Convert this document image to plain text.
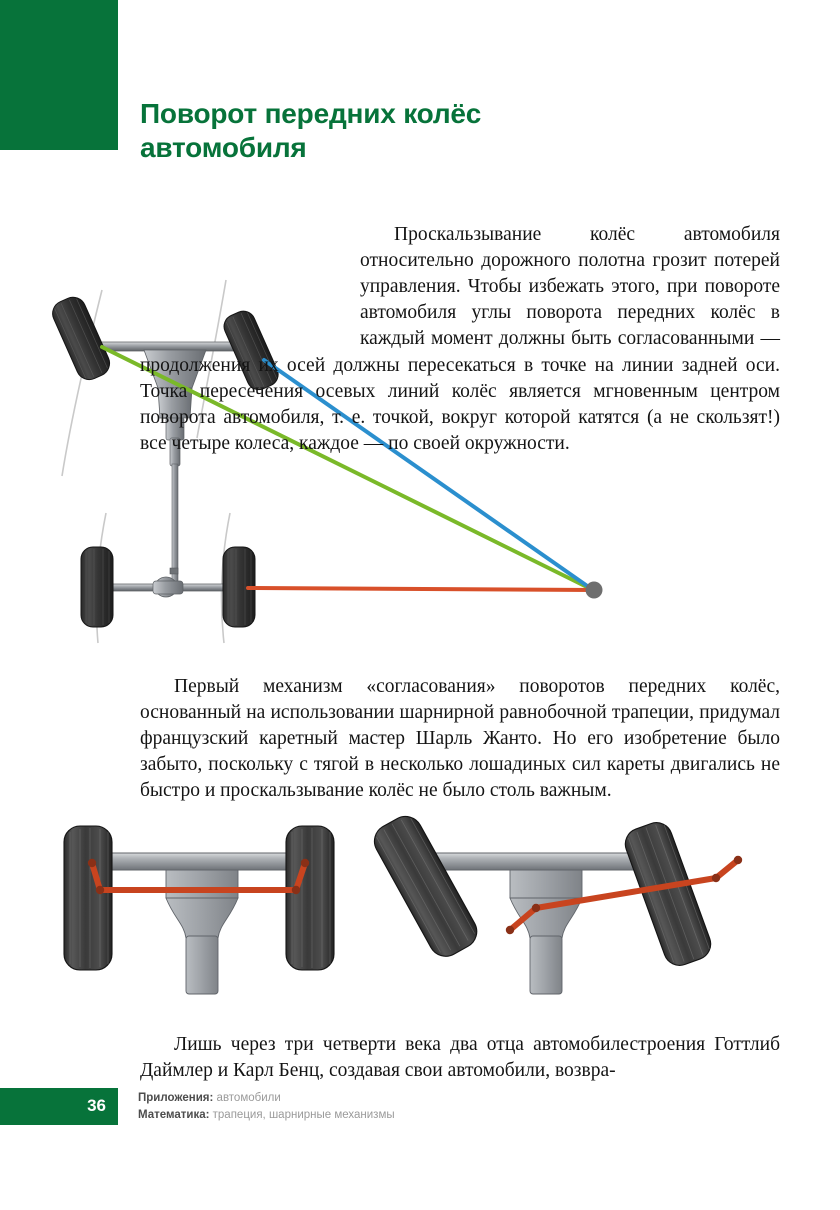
Поворот передних колёс
автомобиля

Проскальзывание колёс автомобиля относительно дорожного полотна грозит потерей управления. Чтобы избежать этого, при повороте автомобиля углы поворота передних колёс в каждый момент должны быть согласованными — продолжения их осей должны пересекаться в точке на линии задней оси. Точка пересечения осевых линий колёс является мгновенным центром поворота автомобиля, т. е. точкой, вокруг которой катятся (а не скользят!) все четыре колеса, каждое — по своей окружности.

Первый механизм «согласования» поворотов передних колёс, основанный на использовании шарнирной равнобочной трапеции, придумал французский каретный мастер Шарль Жанто. Но его изобретение было забыто, поскольку с тягой в несколько лошадиных сил кареты двигались не быстро и проскальзывание колёс не было столь важным.

Лишь через три четверти века два отца автомобилестроения Готтлиб Даймлер и Карл Бенц, создавая свои автомобили, возвра-

36	Приложения: автомобили
Математика: трапеция, шарнирные механизмы
